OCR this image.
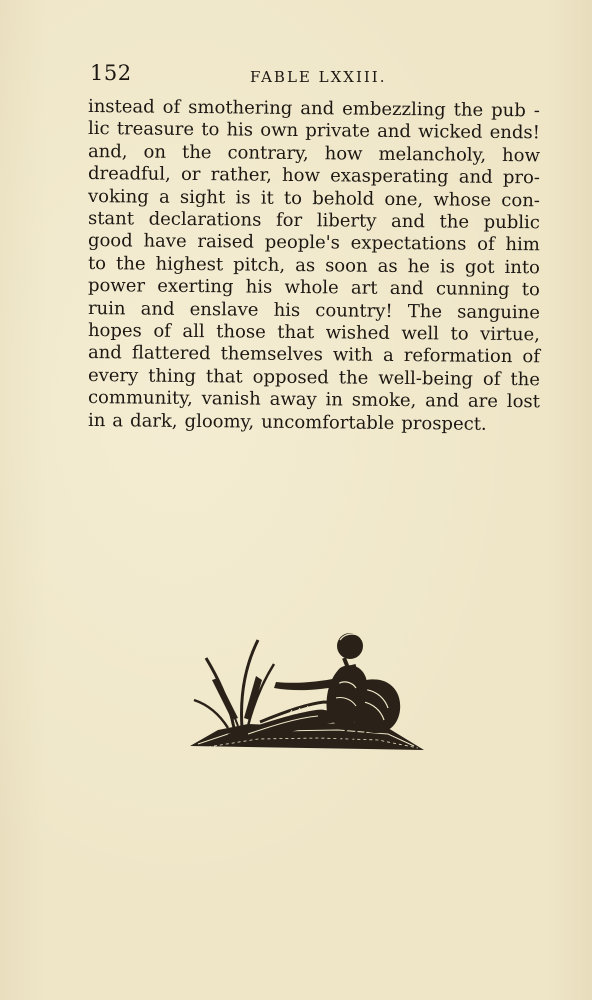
152	FABLE LXXIII.
instead of smothering and embezzling the pub -
lic treasure to his own private and wicked ends!
and, on the contrary, how melancholy, how
dreadful, or rather, how exasperating and pro-
voking a sight is it to behold one, whose con-
stant declarations for liberty and the public
good have raised people's expectations of him
to the highest pitch, as soon as he is got into
power exerting his whole art and cunning to
ruin and enslave his country! The sanguine
hopes of all those that wished well to virtue,
and flattered themselves with a reformation of
every thing that opposed the well-being of the
community, vanish away in smoke, and are lost
in a dark, gloomy, uncomfortable prospect.
